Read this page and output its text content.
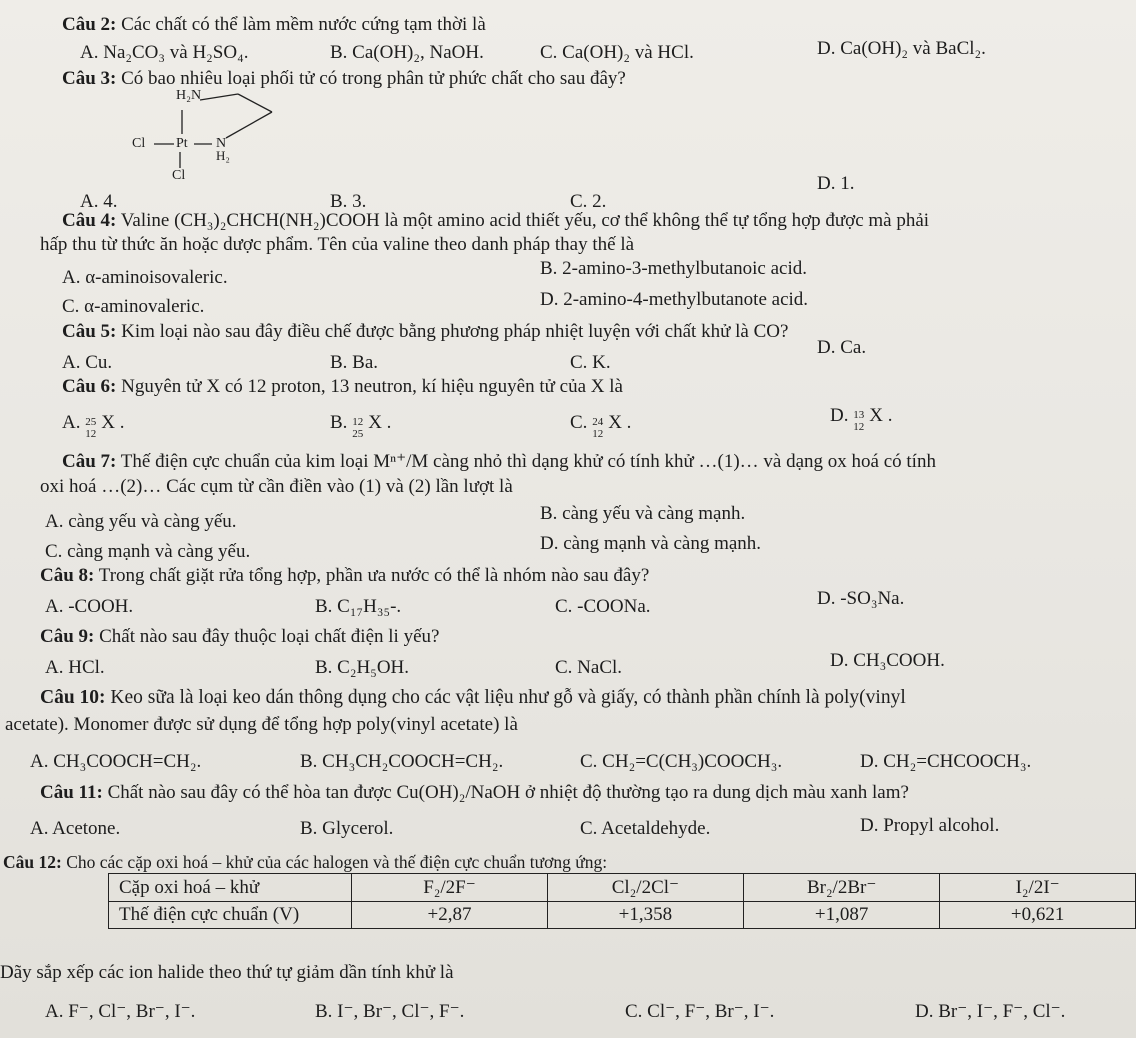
Câu 2: Các chất có thể làm mềm nước cứng tạm thời là
A. Na₂CO₃ và H₂SO₄.	B. Ca(OH)₂, NaOH.	C. Ca(OH)₂ và HCl.	D. Ca(OH)₂ và BaCl₂.
Câu 3: Có bao nhiêu loại phối tử có trong phân tử phức chất cho sau đây?
H₂N
Cl Pt N
H₂
Cl
A. 4.	B. 3.	C. 2.
D. 1.
Câu 4: Valine (CH₃)₂CHCH(NH₂)COOH là một amino acid thiết yếu, cơ thể không thể tự tổng hợp được mà phải
hấp thu từ thức ăn hoặc dược phẩm. Tên của valine theo danh pháp thay thế là
A. α-aminoisovaleric.	B. 2-amino-3-methylbutanoic acid.
C. α-aminovaleric.	D. 2-amino-4-methylbutanote acid.
Câu 5: Kim loại nào sau đây điều chế được bằng phương pháp nhiệt luyện với chất khử là CO?
A. Cu.	B. Ba.	C. K.
D. Ca.
Câu 6: Nguyên tử X có 12 proton, 13 neutron, kí hiệu nguyên tử của X là
A. 25
12
X .	B. 12
25
X .	C. 24
12
X .	D. 13
12
X .
Câu 7: Thế điện cực chuẩn của kim loại Mⁿ⁺/M càng nhỏ thì dạng khử có tính khử …(1)… và dạng ox hoá có tính
oxi hoá …(2)… Các cụm từ cần điền vào (1) và (2) lần lượt là
A. càng yếu và càng yếu.	B. càng yếu và càng mạnh.
C. càng mạnh và càng yếu.	D. càng mạnh và càng mạnh.
Câu 8: Trong chất giặt rửa tổng hợp, phần ưa nước có thể là nhóm nào sau đây?
A. -COOH.	B. C₁₇H₃₅-.	C. -COONa.	D. -SO₃Na.
Câu 9: Chất nào sau đây thuộc loại chất điện li yếu?
A. HCl.	B. C₂H₅OH.	C. NaCl.	D. CH₃COOH.
Câu 10: Keo sữa là loại keo dán thông dụng cho các vật liệu như gỗ và giấy, có thành phần chính là poly(vinyl
acetate). Monomer được sử dụng để tổng hợp poly(vinyl acetate) là
A. CH₃COOCH=CH₂.	B. CH₃CH₂COOCH=CH₂.	C. CH₂=C(CH₃)COOCH₃.	D. CH₂=CHCOOCH₃.
Câu 11: Chất nào sau đây có thể hòa tan được Cu(OH)₂/NaOH ở nhiệt độ thường tạo ra dung dịch màu xanh lam?
A. Acetone.	B. Glycerol.	C. Acetaldehyde.	D. Propyl alcohol.
Câu 12: Cho các cặp oxi hoá – khử của các halogen và thế điện cực chuẩn tương ứng:
Cặp oxi hoá – khử	F₂/2F⁻	Cl₂/2Cl⁻	Br₂/2Br⁻	I₂/2I⁻
Thế điện cực chuẩn (V)	+2,87	+1,358	+1,087	+0,621
Dãy sắp xếp các ion halide theo thứ tự giảm dần tính khử là
A. F⁻, Cl⁻, Br⁻, I⁻.	B. I⁻, Br⁻, Cl⁻, F⁻.	C. Cl⁻, F⁻, Br⁻, I⁻.	D. Br⁻, I⁻, F⁻, Cl⁻.
